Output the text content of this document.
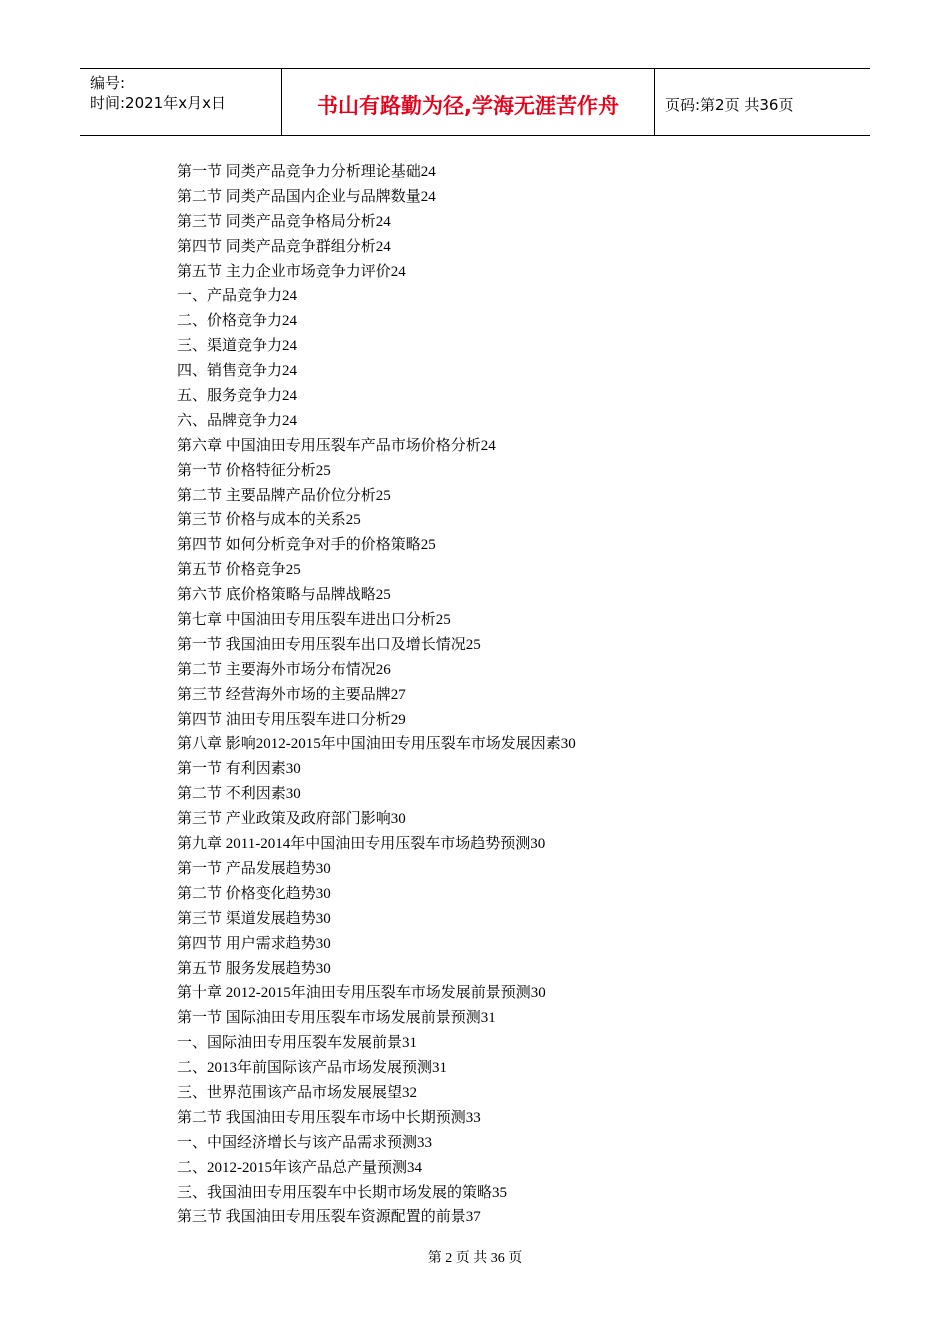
编号:
时间:2021年x月x日	书山有路勤为径,学海无涯苦作舟	页码:第2页 共36页
第一节 同类产品竞争力分析理论基础24
第二节 同类产品国内企业与品牌数量24
第三节 同类产品竞争格局分析24
第四节 同类产品竞争群组分析24
第五节 主力企业市场竞争力评价24
一、产品竞争力24
二、价格竞争力24
三、渠道竞争力24
四、销售竞争力24
五、服务竞争力24
六、品牌竞争力24
第六章 中国油田专用压裂车产品市场价格分析24
第一节 价格特征分析25
第二节 主要品牌产品价位分析25
第三节 价格与成本的关系25
第四节 如何分析竞争对手的价格策略25
第五节 价格竞争25
第六节 底价格策略与品牌战略25
第七章 中国油田专用压裂车进出口分析25
第一节 我国油田专用压裂车出口及增长情况25
第二节 主要海外市场分布情况26
第三节 经营海外市场的主要品牌27
第四节 油田专用压裂车进口分析29
第八章 影响2012-2015年中国油田专用压裂车市场发展因素30
第一节 有利因素30
第二节 不利因素30
第三节 产业政策及政府部门影响30
第九章 2011-2014年中国油田专用压裂车市场趋势预测30
第一节 产品发展趋势30
第二节 价格变化趋势30
第三节 渠道发展趋势30
第四节 用户需求趋势30
第五节 服务发展趋势30
第十章 2012-2015年油田专用压裂车市场发展前景预测30
第一节 国际油田专用压裂车市场发展前景预测31
一、国际油田专用压裂车发展前景31
二、2013年前国际该产品市场发展预测31
三、世界范围该产品市场发展展望32
第二节 我国油田专用压裂车市场中长期预测33
一、中国经济增长与该产品需求预测33
二、2012-2015年该产品总产量预测34
三、我国油田专用压裂车中长期市场发展的策略35
第三节 我国油田专用压裂车资源配置的前景37
第 2 页 共 36 页
